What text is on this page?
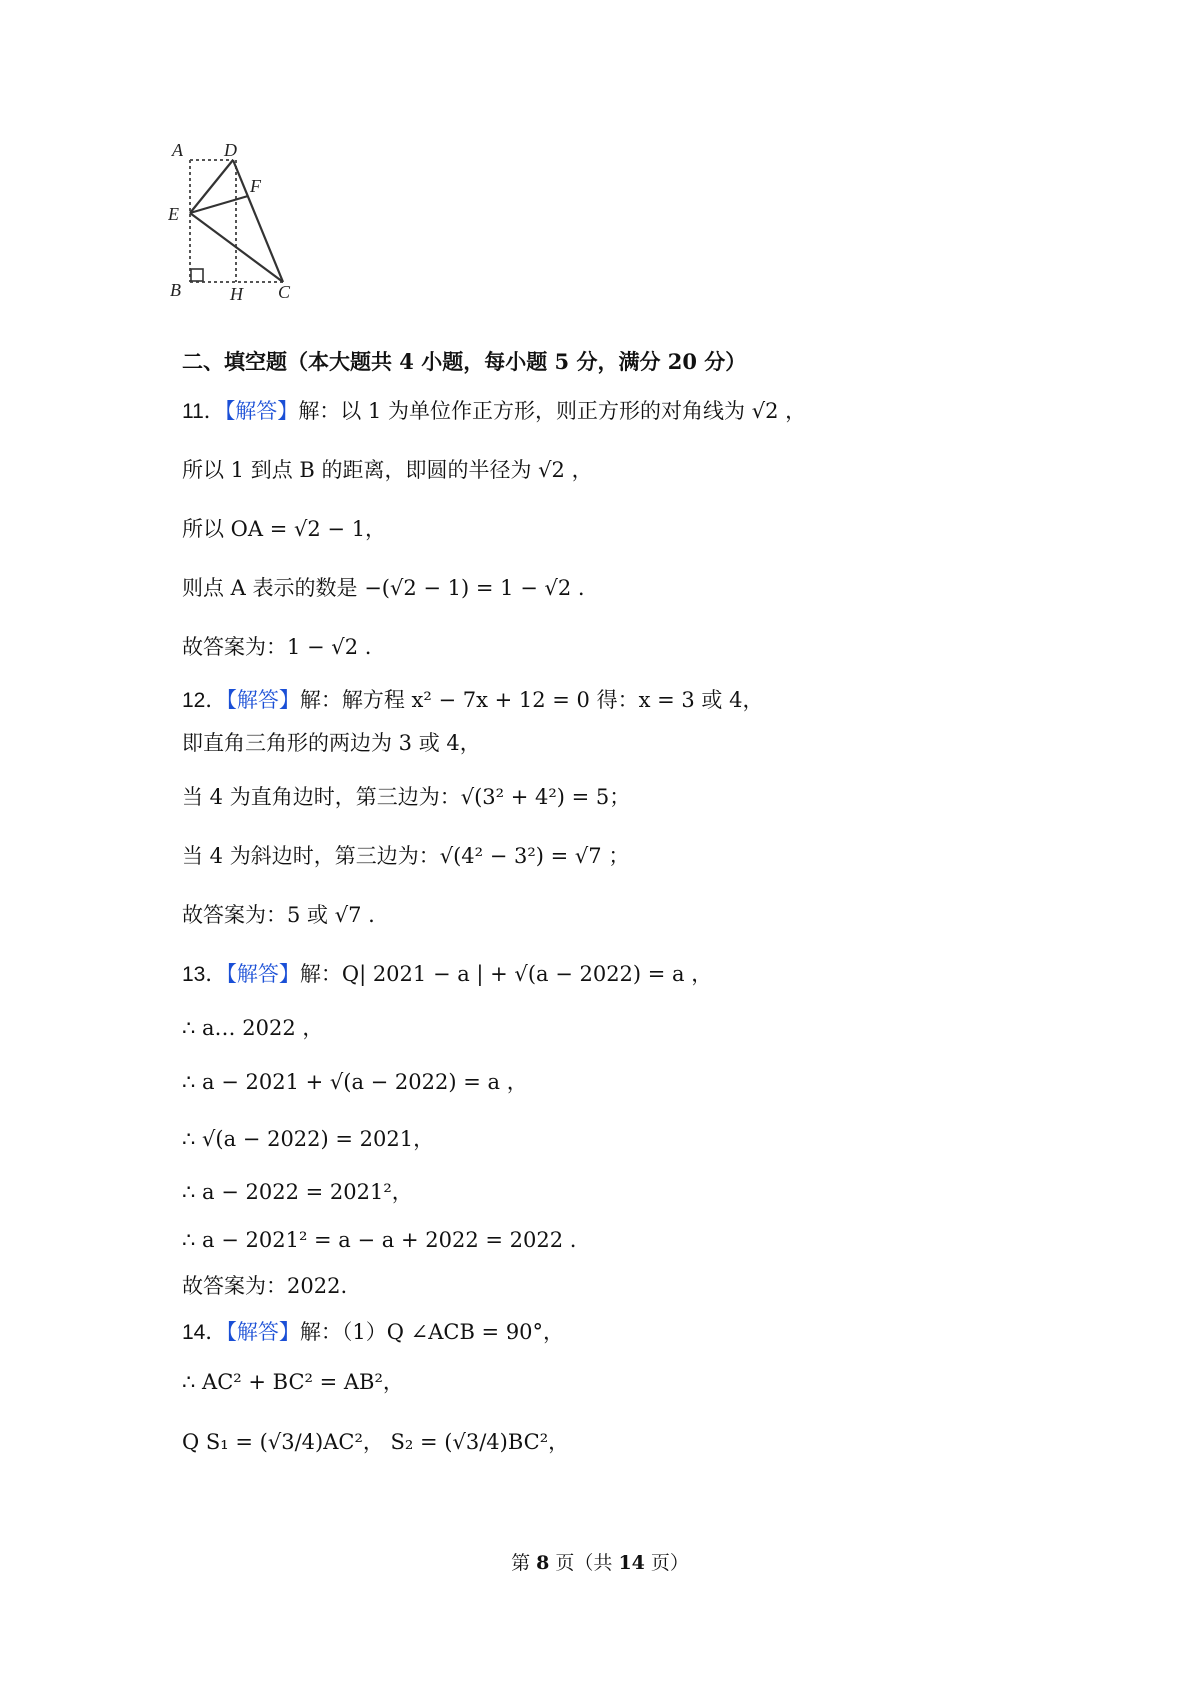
A D
F
E
B	H C
二、填空题（本大题共 4 小题，每小题 5 分，满分 20 分）
11．【解答】解：以 1 为单位作正方形，则正方形的对角线为 √2 ，
所以 1 到点 B 的距离，即圆的半径为 √2 ，
所以 OA = √2 − 1，
则点 A 表示的数是 −(√2 − 1) = 1 − √2 .
故答案为：1 − √2 .
12．【解答】解：解方程 x² − 7x + 12 = 0 得：x = 3 或 4，
即直角三角形的两边为 3 或 4，
当 4 为直角边时，第三边为：√(3² + 4²) = 5；
当 4 为斜边时，第三边为：√(4² − 3²) = √7 ；
故答案为：5 或 √7 .
13．【解答】解：Q| 2021 − a | + √(a − 2022) = a ，
∴ a… 2022 ，
∴ a − 2021 + √(a − 2022) = a ，
∴ √(a − 2022) = 2021，
∴ a − 2022 = 2021²，
∴ a − 2021² = a − a + 2022 = 2022 .
故答案为：2022.
14．【解答】解：（1）Q ∠ACB = 90°，
∴ AC² + BC² = AB²，
Q S₁ = (√3/4)AC²， S₂ = (√3/4)BC²，
第 8 页（共 14 页）
